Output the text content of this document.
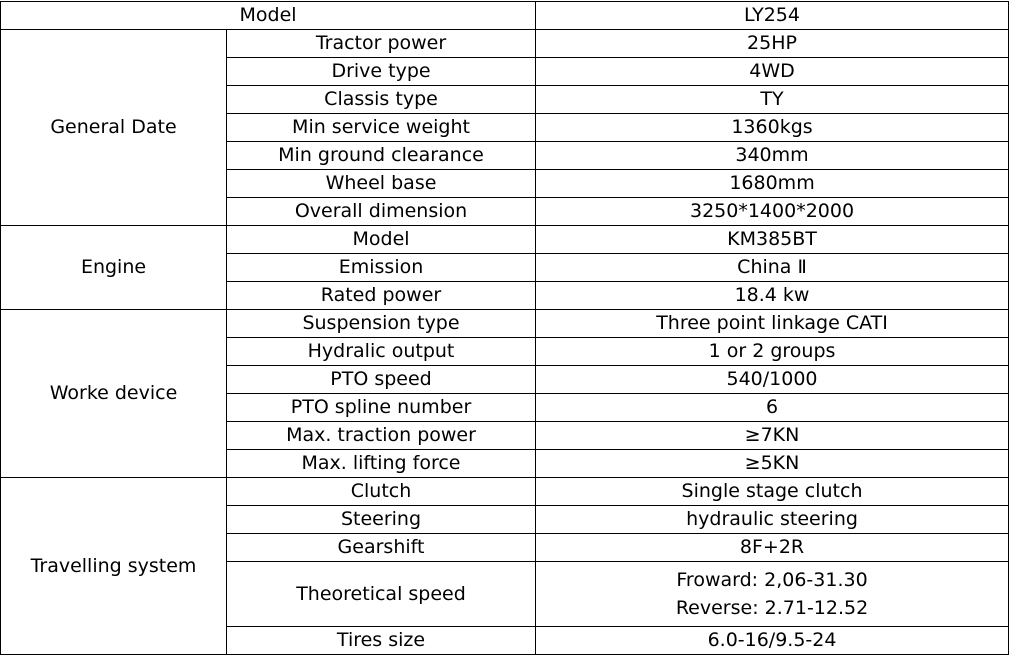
Model		LY254
General Date	Tractor power	25HP
	Drive type	4WD
	Classis type	TY
	Min service weight	1360kgs
	Min ground clearance	340mm
	Wheel base	1680mm
	Overall dimension	3250*1400*2000
Engine	Model	KM385BT
	Emission	China Ⅱ
	Rated power	18.4 kw
Worke device	Suspension type	Three point linkage CATI
	Hydralic output	1 or 2 groups
	PTO speed	540/1000
	PTO spline number	6
	Max. traction power	≥7KN
	Max. lifting force	≥5KN
Travelling system	Clutch	Single stage clutch
	Steering	hydraulic steering
	Gearshift	8F+2R
	Theoretical speed	Froward: 2,06-31.30
Reverse: 2.71-12.52

	Tires size	6.0-16/9.5-24
